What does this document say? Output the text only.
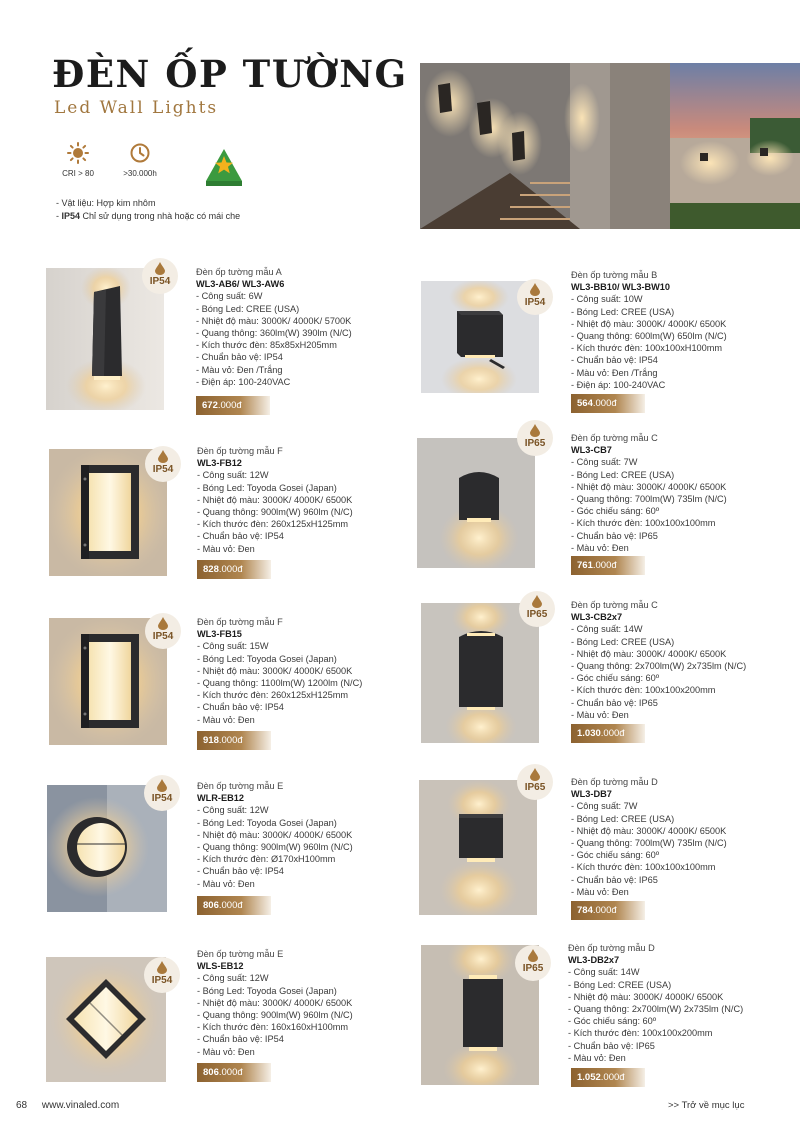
ĐÈN ỐP TƯỜNG
Led Wall Lights
CRI > 80	>30.000h
- Vật liệu: Hợp kim nhôm
- IP54 Chỉ sử dụng trong nhà hoặc có mái che
IP54
Đèn ốp tường mẫu A
WL3-AB6/ WL3-AW6
- Công suất: 6W
- Bóng Led: CREE (USA)
- Nhiệt độ màu: 3000K/ 4000K/ 5700K
- Quang thông: 360lm(W) 390lm (N/C)
- Kích thước đèn: 85x85xH205mm
- Chuẩn bảo vệ: IP54
- Màu vỏ: Đen /Trắng
- Điện áp: 100-240VAC
672.000đ
IP54
Đèn ốp tường mẫu B
WL3-BB10/ WL3-BW10
- Công suất: 10W
- Bóng Led: CREE (USA)
- Nhiệt độ màu: 3000K/ 4000K/ 6500K
- Quang thông: 600lm(W) 650lm (N/C)
- Kích thước đèn: 100x100xH100mm
- Chuẩn bảo vệ: IP54
- Màu vỏ: Đen /Trắng
- Điện áp: 100-240VAC
564.000đ
IP54
Đèn ốp tường mẫu F
WL3-FB12
- Công suất: 12W
- Bóng Led: Toyoda Gosei (Japan)
- Nhiệt độ màu: 3000K/ 4000K/ 6500K
- Quang thông: 900lm(W) 960lm (N/C)
- Kích thước đèn: 260x125xH125mm
- Chuẩn bảo vệ: IP54
- Màu vỏ: Đen
828.000đ
IP65	Đèn ốp tường mẫu C
WL3-CB7
- Công suất: 7W
- Bóng Led: CREE (USA)
- Nhiệt độ màu: 3000K/ 4000K/ 6500K
- Quang thông: 700lm(W) 735lm (N/C)
- Góc chiếu sáng: 60º
- Kích thước đèn: 100x100x100mm
- Chuẩn bảo vệ: IP65
- Màu vỏ: Đen
761.000đ
IP54
Đèn ốp tường mẫu F
WL3-FB15
- Công suất: 15W
- Bóng Led: Toyoda Gosei (Japan)
- Nhiệt độ màu: 3000K/ 4000K/ 6500K
- Quang thông: 1100lm(W) 1200lm (N/C)
- Kích thước đèn: 260x125xH125mm
- Chuẩn bảo vệ: IP54
- Màu vỏ: Đen
918.000đ
IP65
Đèn ốp tường mẫu C
WL3-CB2x7
- Công suất: 14W
- Bóng Led: CREE (USA)
- Nhiệt độ màu: 3000K/ 4000K/ 6500K
- Quang thông: 2x700lm(W) 2x735lm (N/C)
- Góc chiếu sáng: 60º
- Kích thước đèn: 100x100x200mm
- Chuẩn bảo vệ: IP65
- Màu vỏ: Đen
1.030.000đ
IP54
Đèn ốp tường mẫu E
WLR-EB12
- Công suất: 12W
- Bóng Led: Toyoda Gosei (Japan)
- Nhiệt độ màu: 3000K/ 4000K/ 6500K
- Quang thông: 900lm(W) 960lm (N/C)
- Kích thước đèn: Ø170xH100mm
- Chuẩn bảo vệ: IP54
- Màu vỏ: Đen
806.000đ
IP65	Đèn ốp tường mẫu D
WL3-DB7
- Công suất: 7W
- Bóng Led: CREE (USA)
- Nhiệt độ màu: 3000K/ 4000K/ 6500K
- Quang thông: 700lm(W) 735lm (N/C)
- Góc chiếu sáng: 60º
- Kích thước đèn: 100x100x100mm
- Chuẩn bảo vệ: IP65
- Màu vỏ: Đen
784.000đ
IP54
Đèn ốp tường mẫu E
WLS-EB12
- Công suất: 12W
- Bóng Led: Toyoda Gosei (Japan)
- Nhiệt độ màu: 3000K/ 4000K/ 6500K
- Quang thông: 900lm(W) 960lm (N/C)
- Kích thước đèn: 160x160xH100mm
- Chuẩn bảo vệ: IP54
- Màu vỏ: Đen
806.000đ
IP65
Đèn ốp tường mẫu D
WL3-DB2x7
- Công suất: 14W
- Bóng Led: CREE (USA)
- Nhiệt độ màu: 3000K/ 4000K/ 6500K
- Quang thông: 2x700lm(W) 2x735lm (N/C)
- Góc chiếu sáng: 60º
- Kích thước đèn: 100x100x200mm
- Chuẩn bảo vệ: IP65
- Màu vỏ: Đen
1.052.000đ
68 www.vinaled.com	>> Trở về mục lục
